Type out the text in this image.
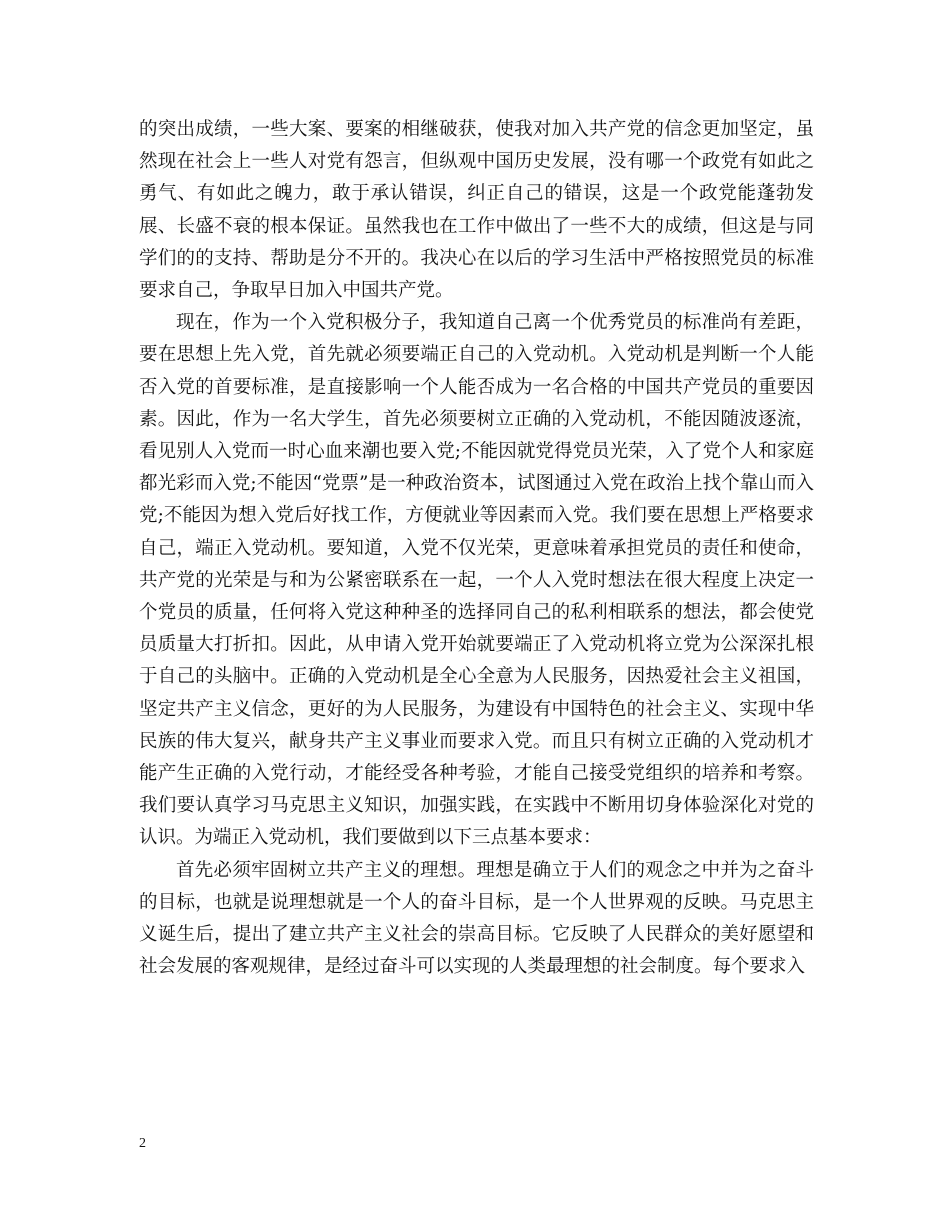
的突出成绩，一些大案、要案的相继破获，使我对加入共产党的信念更加坚定，虽然现在社会上一些人对党有怨言，但纵观中国历史发展，没有哪一个政党有如此之勇气、有如此之魄力，敢于承认错误，纠正自己的错误，这是一个政党能蓬勃发展、长盛不衰的根本保证。虽然我也在工作中做出了一些不大的成绩，但这是与同学们的的支持、帮助是分不开的。我决心在以后的学习生活中严格按照党员的标准要求自己，争取早日加入中国共产党。

现在，作为一个入党积极分子，我知道自己离一个优秀党员的标准尚有差距，要在思想上先入党，首先就必须要端正自己的入党动机。入党动机是判断一个人能否入党的首要标准，是直接影响一个人能否成为一名合格的中国共产党员的重要因素。因此，作为一名大学生，首先必须要树立正确的入党动机，不能因随波逐流，看见别人入党而一时心血来潮也要入党;不能因就党得党员光荣，入了党个人和家庭都光彩而入党;不能因“党票”是一种政治资本，试图通过入党在政治上找个靠山而入党;不能因为想入党后好找工作，方便就业等因素而入党。我们要在思想上严格要求自己，端正入党动机。要知道，入党不仅光荣，更意味着承担党员的责任和使命，共产党的光荣是与和为公紧密联系在一起，一个人入党时想法在很大程度上决定一个党员的质量，任何将入党这种种圣的选择同自己的私利相联系的想法，都会使党员质量大打折扣。因此，从申请入党开始就要端正了入党动机将立党为公深深扎根于自己的头脑中。正确的入党动机是全心全意为人民服务，因热爱社会主义祖国，坚定共产主义信念，更好的为人民服务，为建设有中国特色的社会主义、实现中华民族的伟大复兴，献身共产主义事业而要求入党。而且只有树立正确的入党动机才能产生正确的入党行动，才能经受各种考验，才能自己接受党组织的培养和考察。我们要认真学习马克思主义知识，加强实践，在实践中不断用切身体验深化对党的认识。为端正入党动机，我们要做到以下三点基本要求：

首先必须牢固树立共产主义的理想。理想是确立于人们的观念之中并为之奋斗的目标，也就是说理想就是一个人的奋斗目标，是一个人世界观的反映。马克思主义诞生后，提出了建立共产主义社会的崇高目标。它反映了人民群众的美好愿望和社会发展的客观规律，是经过奋斗可以实现的人类最理想的社会制度。每个要求入

2
